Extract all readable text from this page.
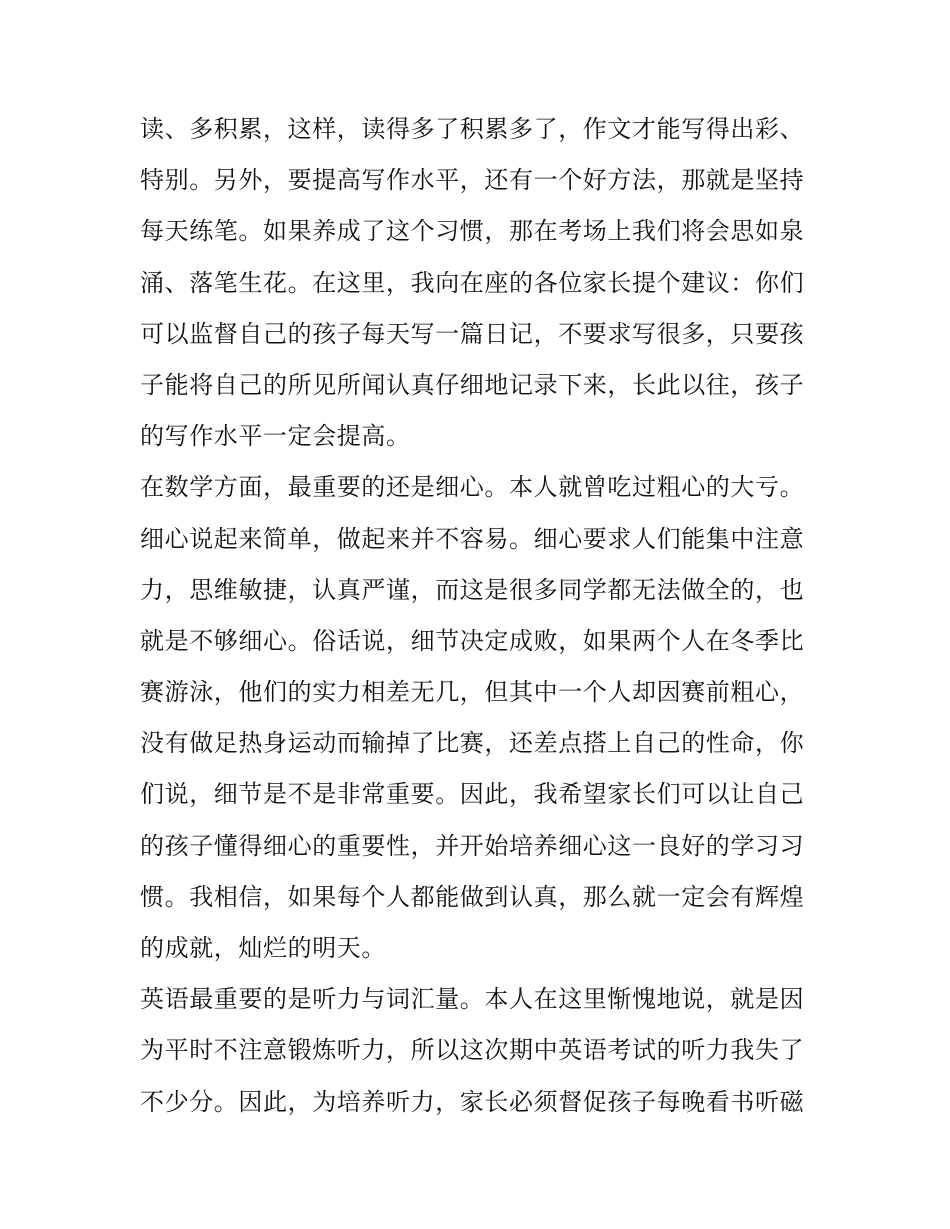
读、多积累，这样，读得多了积累多了，作文才能写得出彩、
特别。另外，要提高写作水平，还有一个好方法，那就是坚持
每天练笔。如果养成了这个习惯，那在考场上我们将会思如泉
涌、落笔生花。在这里，我向在座的各位家长提个建议：你们
可以监督自己的孩子每天写一篇日记，不要求写很多，只要孩
子能将自己的所见所闻认真仔细地记录下来，长此以往，孩子
的写作水平一定会提高。
在数学方面，最重要的还是细心。本人就曾吃过粗心的大亏。
细心说起来简单，做起来并不容易。细心要求人们能集中注意
力，思维敏捷，认真严谨，而这是很多同学都无法做全的，也
就是不够细心。俗话说，细节决定成败，如果两个人在冬季比
赛游泳，他们的实力相差无几，但其中一个人却因赛前粗心，
没有做足热身运动而输掉了比赛，还差点搭上自己的性命，你
们说，细节是不是非常重要。因此，我希望家长们可以让自己
的孩子懂得细心的重要性，并开始培养细心这一良好的学习习
惯。我相信，如果每个人都能做到认真，那么就一定会有辉煌
的成就，灿烂的明天。
英语最重要的是听力与词汇量。本人在这里惭愧地说，就是因
为平时不注意锻炼听力，所以这次期中英语考试的听力我失了
不少分。因此，为培养听力，家长必须督促孩子每晚看书听磁
